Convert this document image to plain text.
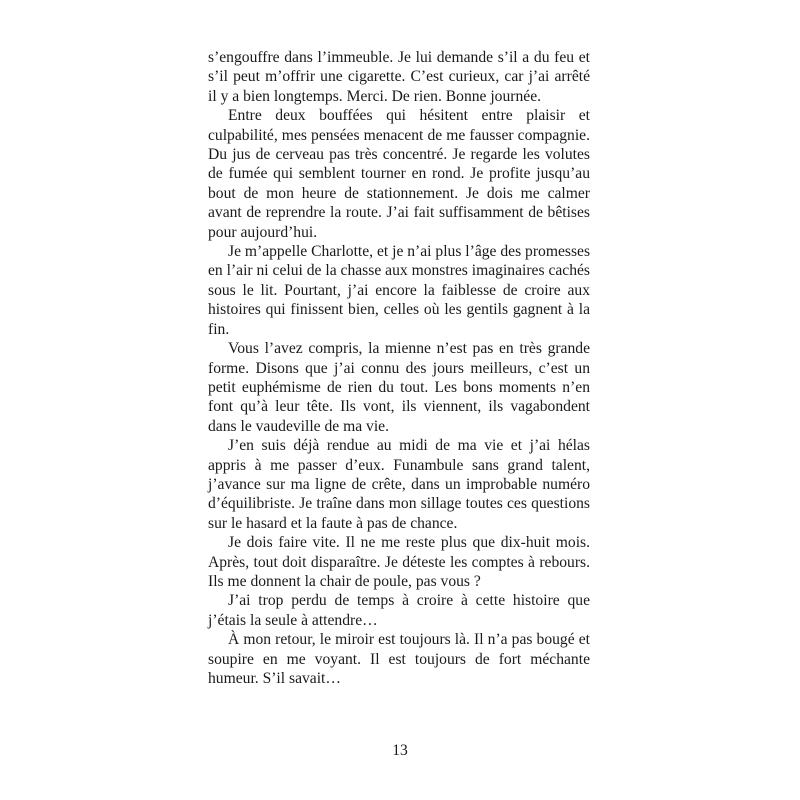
s’engouffre dans l’immeuble. Je lui demande s’il a du feu et s’il peut m’offrir une cigarette. C’est curieux, car j’ai arrêté il y a bien longtemps. Merci. De rien. Bonne journée.

Entre deux bouffées qui hésitent entre plaisir et culpabilité, mes pensées menacent de me fausser compagnie. Du jus de cerveau pas très concentré. Je regarde les volutes de fumée qui semblent tourner en rond. Je profite jusqu’au bout de mon heure de stationnement. Je dois me calmer avant de reprendre la route. J’ai fait suffisamment de bêtises pour aujourd’hui.

Je m’appelle Charlotte, et je n’ai plus l’âge des promesses en l’air ni celui de la chasse aux monstres imaginaires cachés sous le lit. Pourtant, j’ai encore la faiblesse de croire aux histoires qui finissent bien, celles où les gentils gagnent à la fin.

Vous l’avez compris, la mienne n’est pas en très grande forme. Disons que j’ai connu des jours meilleurs, c’est un petit euphémisme de rien du tout. Les bons moments n’en font qu’à leur tête. Ils vont, ils viennent, ils vagabondent dans le vaudeville de ma vie.

J’en suis déjà rendue au midi de ma vie et j’ai hélas appris à me passer d’eux. Funambule sans grand talent, j’avance sur ma ligne de crête, dans un improbable numéro d’équilibriste. Je traîne dans mon sillage toutes ces questions sur le hasard et la faute à pas de chance.

Je dois faire vite. Il ne me reste plus que dix-huit mois. Après, tout doit disparaître. Je déteste les comptes à rebours. Ils me donnent la chair de poule, pas vous ?

J’ai trop perdu de temps à croire à cette histoire que j’étais la seule à attendre…

À mon retour, le miroir est toujours là. Il n’a pas bougé et soupire en me voyant. Il est toujours de fort méchante humeur. S’il savait…

13
